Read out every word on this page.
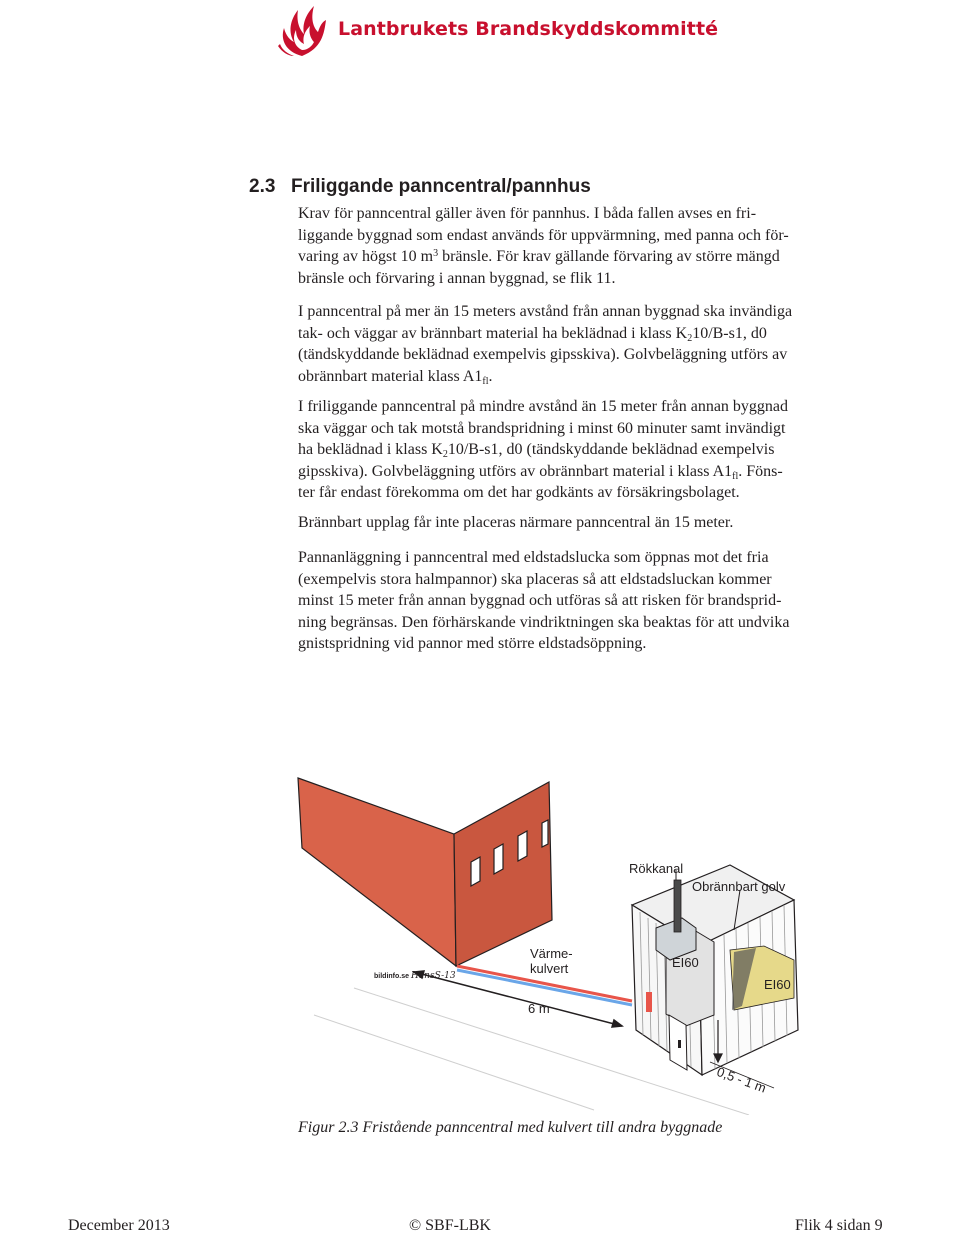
Lantbrukets Brandskyddskommitté
2.3 Friliggande panncentral/pannhus

Krav för panncentral gäller även för pannhus. I båda fallen avses en fri-
liggande byggnad som endast används för uppvärmning, med panna och för-
varing av högst 10 $m^3$ bränsle. För krav gällande förvaring av större mängd
bränsle och förvaring i annan byggnad, se flik 11.

I panncentral på mer än 15 meters avstånd från annan byggnad ska invändiga
tak- och väggar av brännbart material ha beklädnad i klass $K_210/B-s1$, d0
(tändskyddande beklädnad exempelvis gipsskiva). Golvbeläggning utförs av
obrännbart material klass $A1_{fl}$.

I friliggande panncentral på mindre avstånd än 15 meter från annan byggnad
ska väggar och tak motstå brandspridning i minst 60 minuter samt invändigt
ha beklädnad i klass $K_210/B-s1$, d0 (tändskyddande beklädnad exempelvis
gipsskiva). Golvbeläggning utförs av obrännbart material i klass $A1_{fl}$. Föns-
ter får endast förekomma om det har godkänts av försäkringsbolaget.

Brännbart upplag får inte placeras närmare panncentral än 15 meter.

Pannanläggning i panncentral med eldstadslucka som öppnas mot det fria
(exempelvis stora halmpannor) ska placeras så att eldstadsluckan kommer
minst 15 meter från annan byggnad och utföras så att risken för brandsprid-
ning begränsas. Den förhärskande vindriktningen ska beaktas för att undvika
gnistspridning vid pannor med större eldstadsöppning.

bildinfo.se HansS-13
Rökkanal
Obrännbart golv
Värme-
kulvert	EI60
EI60
6 m
0,5 - 1 m
Figur 2.3 Fristående panncentral med kulvert till andra byggnade
December 2013	© SBF-LBK	Flik 4 sidan 9
